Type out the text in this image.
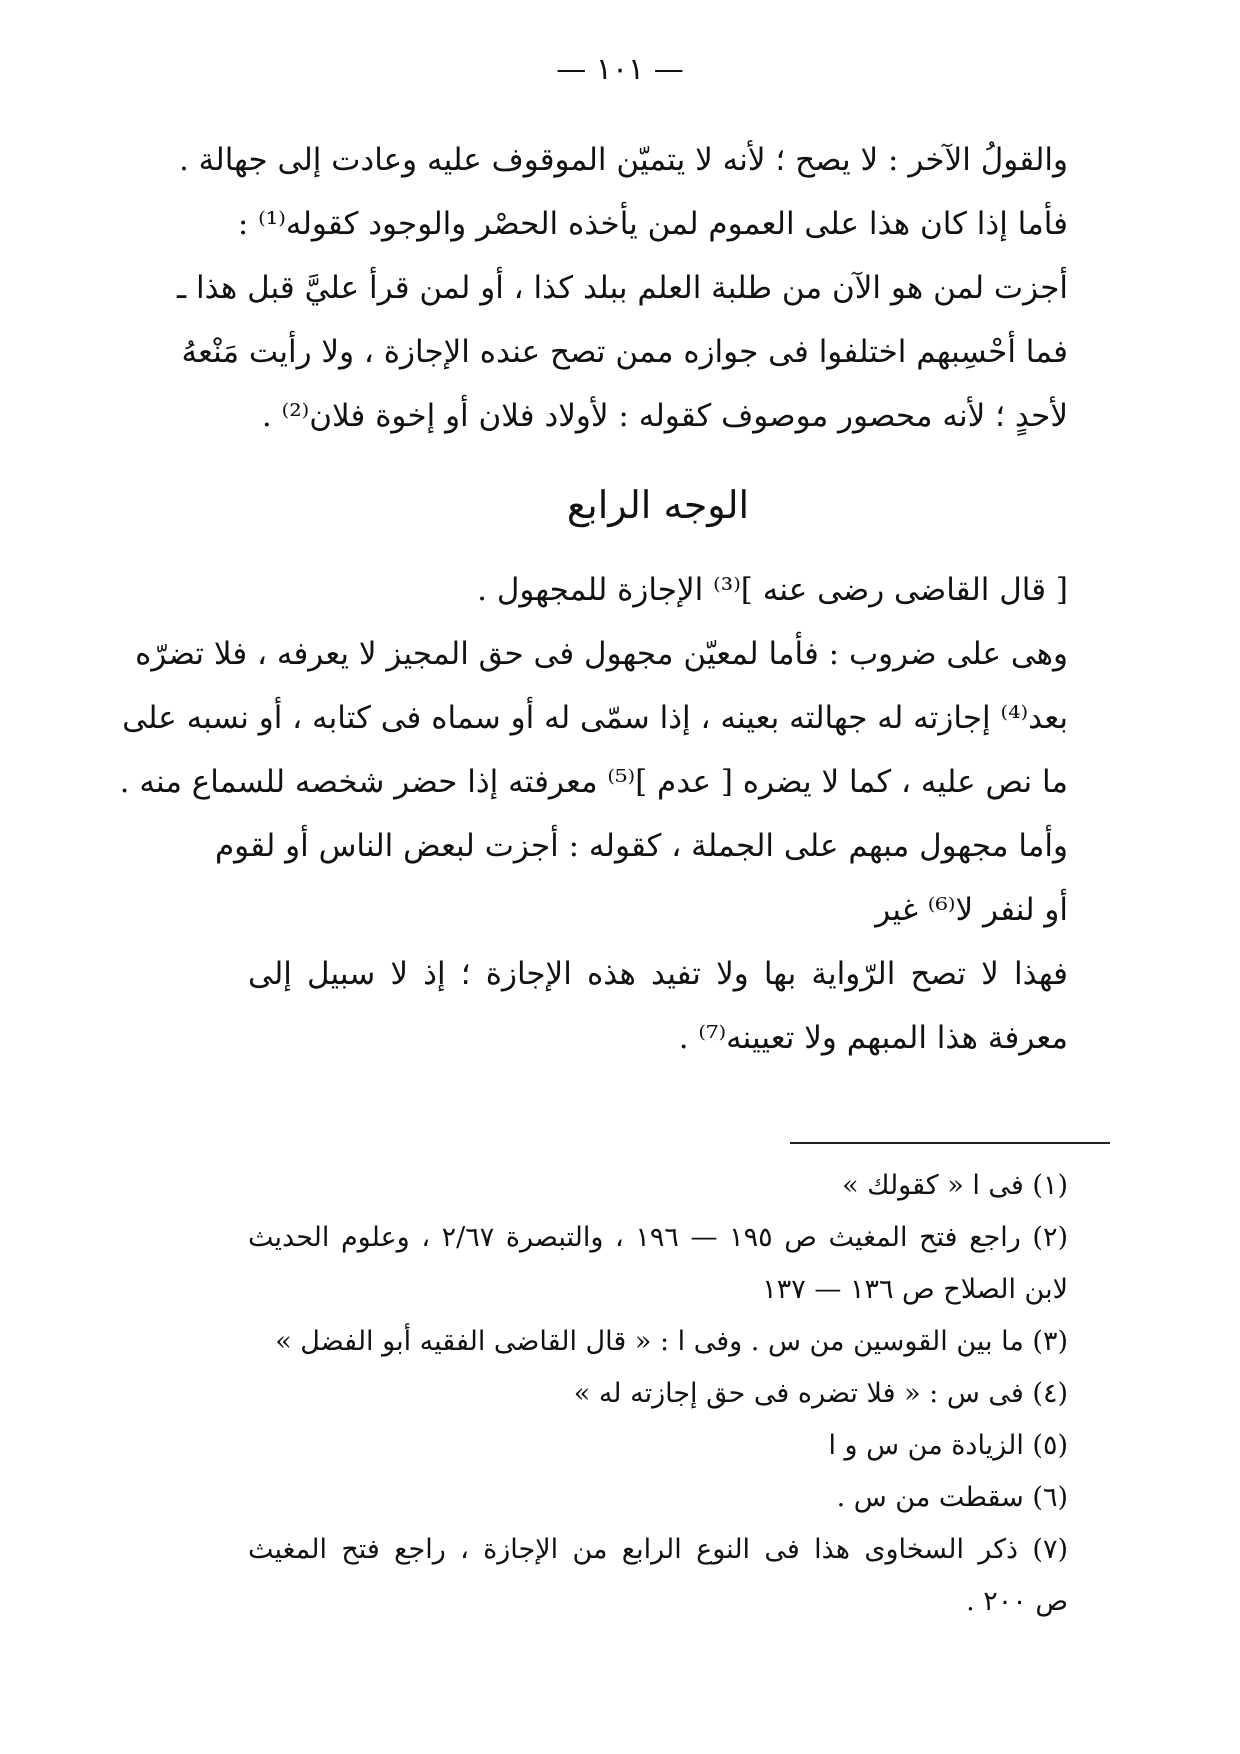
— ١٠١ —
والقولُ الآخر : لا يصح ؛ لأنه لا يتميّن الموقوف عليه وعادت إلى جهالة .
فأما إذا كان هذا على العموم لمن يأخذه الحصْر والوجود كقوله⁽¹⁾ :
أجزت لمن هو الآن من طلبة العلم ببلد كذا ، أو لمن قرأ عليَّ قبل هذا ـ
فما أحْسِبهم اختلفوا فى جوازه ممن تصح عنده الإجازة ، ولا رأيت مَنْعهُ
لأحدٍ ؛ لأنه محصور موصوف كقوله : لأولاد فلان أو إخوة فلان⁽²⁾ .
الوجه الرابع
[ قال القاضى رضى عنه ]⁽³⁾ الإجازة للمجهول .
وهى على ضروب : فأما لمعيّن مجهول فى حق المجيز لا يعرفه ، فلا تضرّه
بعد⁽⁴⁾ إجازته له جهالته بعينه ، إذا سمّى له أو سماه فى كتابه ، أو نسبه على
ما نص عليه ، كما لا يضره [ عدم ]⁽⁵⁾ معرفته إذا حضر شخصه للسماع منه .
وأما مجهول مبهم على الجملة ، كقوله : أجزت لبعض الناس أو لقوم
أو لنفر لا⁽⁶⁾ غير
فهذا لا تصح الرّواية بها ولا تفيد هذه الإجازة ؛ إذ لا سبيل إلى
معرفة هذا المبهم ولا تعيينه⁽⁷⁾ .
(١) فى ا « كقولك »
(٢) راجع فتح المغيث ص ١٩٥ — ١٩٦ ، والتبصرة ٢/٦٧ ، وعلوم الحديث
لابن الصلاح ص ١٣٦ — ١٣٧
(٣) ما بين القوسين من س . وفى ا : « قال القاضى الفقيه أبو الفضل »
(٤) فى س : « فلا تضره فى حق إجازته له »
(٥) الزيادة من س و ا
(٦) سقطت من س .
(٧) ذكر السخاوى هذا فى النوع الرابع من الإجازة ، راجع فتح المغيث
ص ٢٠٠ .
